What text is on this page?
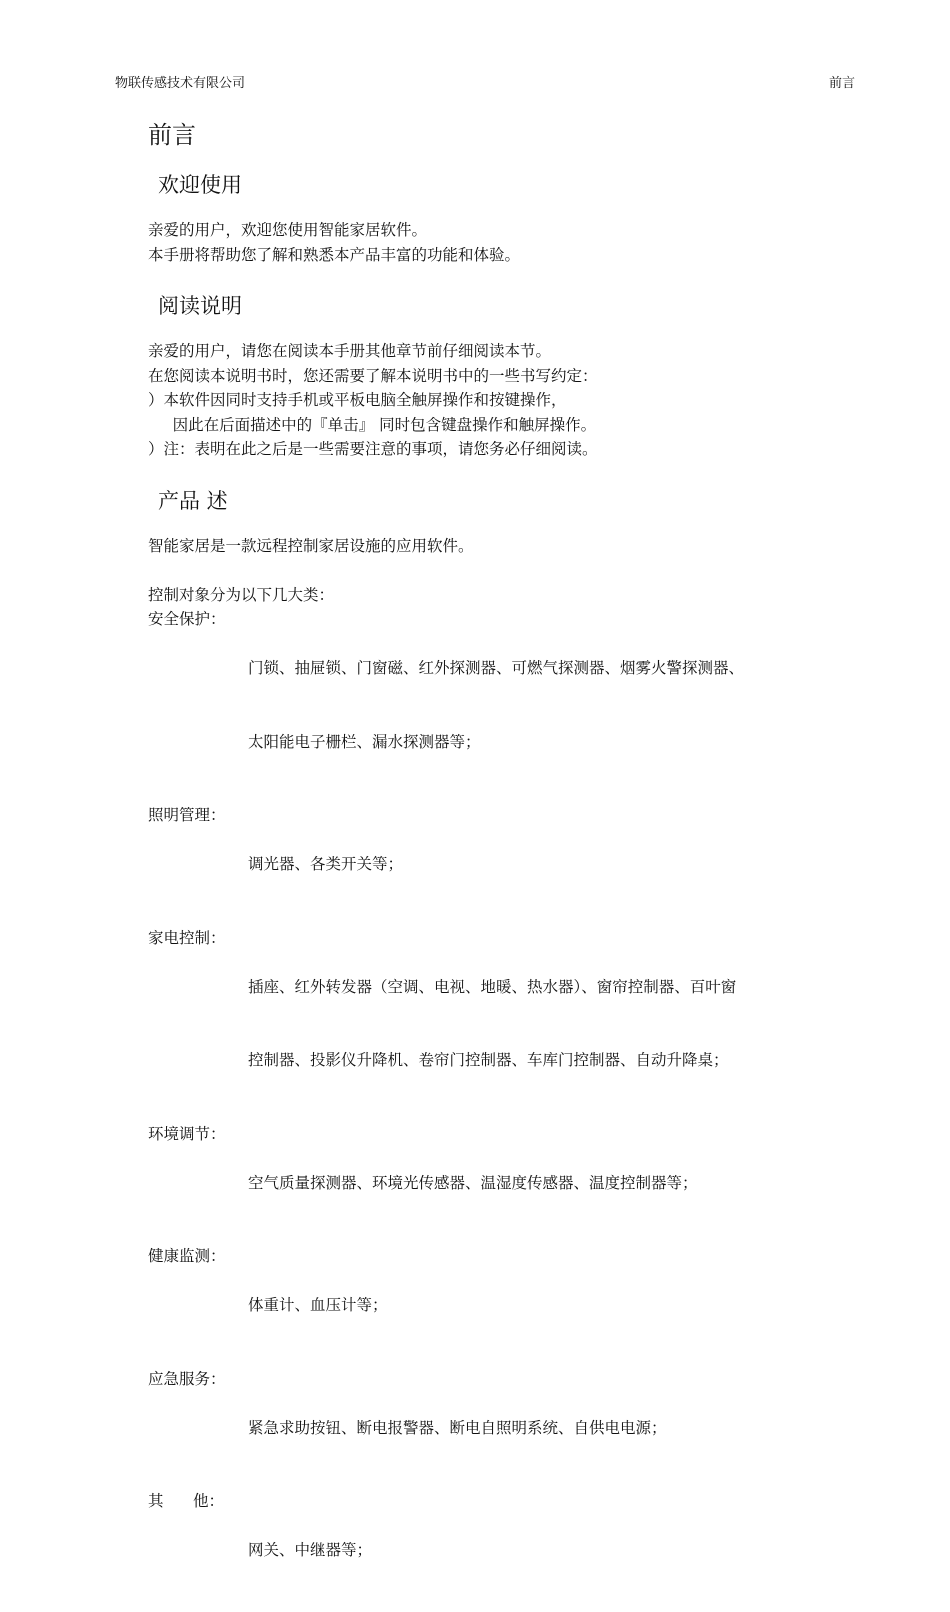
物联传感技术有限公司	前言
前言
欢迎使用

亲爱的用户，欢迎您使用智能家居软件。

本手册将帮助您了解和熟悉本产品丰富的功能和体验。

阅读说明

亲爱的用户，请您在阅读本手册其他章节前仔细阅读本节。

在您阅读本说明书时，您还需要了解本说明书中的一些书写约定：

）本软件因同时支持手机或平板电脑全触屏操作和按键操作，

因此在后面描述中的『单击』 同时包含键盘操作和触屏操作。

）注：表明在此之后是一些需要注意的事项，请您务必仔细阅读。

产品 述

智能家居是一款远程控制家居设施的应用软件。

控制对象分为以下几大类：

安全保护：

门锁、抽屉锁、门窗磁、红外探测器、可燃气探测器、烟雾火警探测器、

太阳能电子栅栏、漏水探测器等；

照明管理：

调光器、各类开关等；

家电控制：

插座、红外转发器（空调、电视、地暖、热水器）、窗帘控制器、百叶窗

控制器、投影仪升降机、卷帘门控制器、车库门控制器、自动升降桌；

环境调节：

空气质量探测器、环境光传感器、温湿度传感器、温度控制器等；

健康监测：

体重计、血压计等；

应急服务：

紧急求助按钮、断电报警器、断电自照明系统、自供电电源；

其      他：

网关、中继器等；
